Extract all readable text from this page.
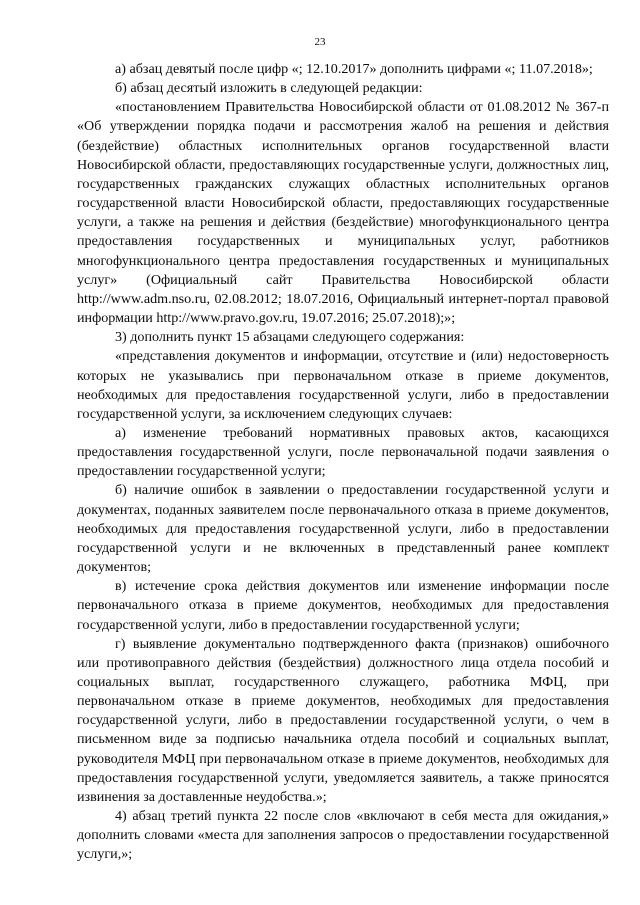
23

а) абзац девятый после цифр «; 12.10.2017» дополнить цифрами «; 11.07.2018»;

б) абзац десятый изложить в следующей редакции:

«постановлением Правительства Новосибирской области от 01.08.2012 № 367-п «Об утверждении порядка подачи и рассмотрения жалоб на решения и действия (бездействие) областных исполнительных органов государственной власти Новосибирской области, предоставляющих государственные услуги, должностных лиц, государственных гражданских служащих областных исполнительных органов государственной власти Новосибирской области, предоставляющих государственные услуги, а также на решения и действия (бездействие) многофункционального центра предоставления государственных и муниципальных услуг, работников многофункционального центра предоставления государственных и муниципальных услуг» (Официальный сайт Правительства Новосибирской области http://www.adm.nso.ru, 02.08.2012; 18.07.2016, Официальный интернет-портал правовой информации http://www.pravo.gov.ru, 19.07.2016; 25.07.2018);»;

3) дополнить пункт 15 абзацами следующего содержания:

«представления документов и информации, отсутствие и (или) недостоверность которых не указывались при первоначальном отказе в приеме документов, необходимых для предоставления государственной услуги, либо в предоставлении государственной услуги, за исключением следующих случаев:

а) изменение требований нормативных правовых актов, касающихся предоставления государственной услуги, после первоначальной подачи заявления о предоставлении государственной услуги;

б) наличие ошибок в заявлении о предоставлении государственной услуги и документах, поданных заявителем после первоначального отказа в приеме документов, необходимых для предоставления государственной услуги, либо в предоставлении государственной услуги и не включенных в представленный ранее комплект документов;

в) истечение срока действия документов или изменение информации после первоначального отказа в приеме документов, необходимых для предоставления государственной услуги, либо в предоставлении государственной услуги;

г) выявление документально подтвержденного факта (признаков) ошибочного или противоправного действия (бездействия) должностного лица отдела пособий и социальных выплат, государственного служащего, работника МФЦ, при первоначальном отказе в приеме документов, необходимых для предоставления государственной услуги, либо в предоставлении государственной услуги, о чем в письменном виде за подписью начальника отдела пособий и социальных выплат, руководителя МФЦ при первоначальном отказе в приеме документов, необходимых для предоставления государственной услуги, уведомляется заявитель, а также приносятся извинения за доставленные неудобства.»;

4) абзац третий пункта 22 после слов «включают в себя места для ожидания,» дополнить словами «места для заполнения запросов о предоставлении государственной услуги,»;
